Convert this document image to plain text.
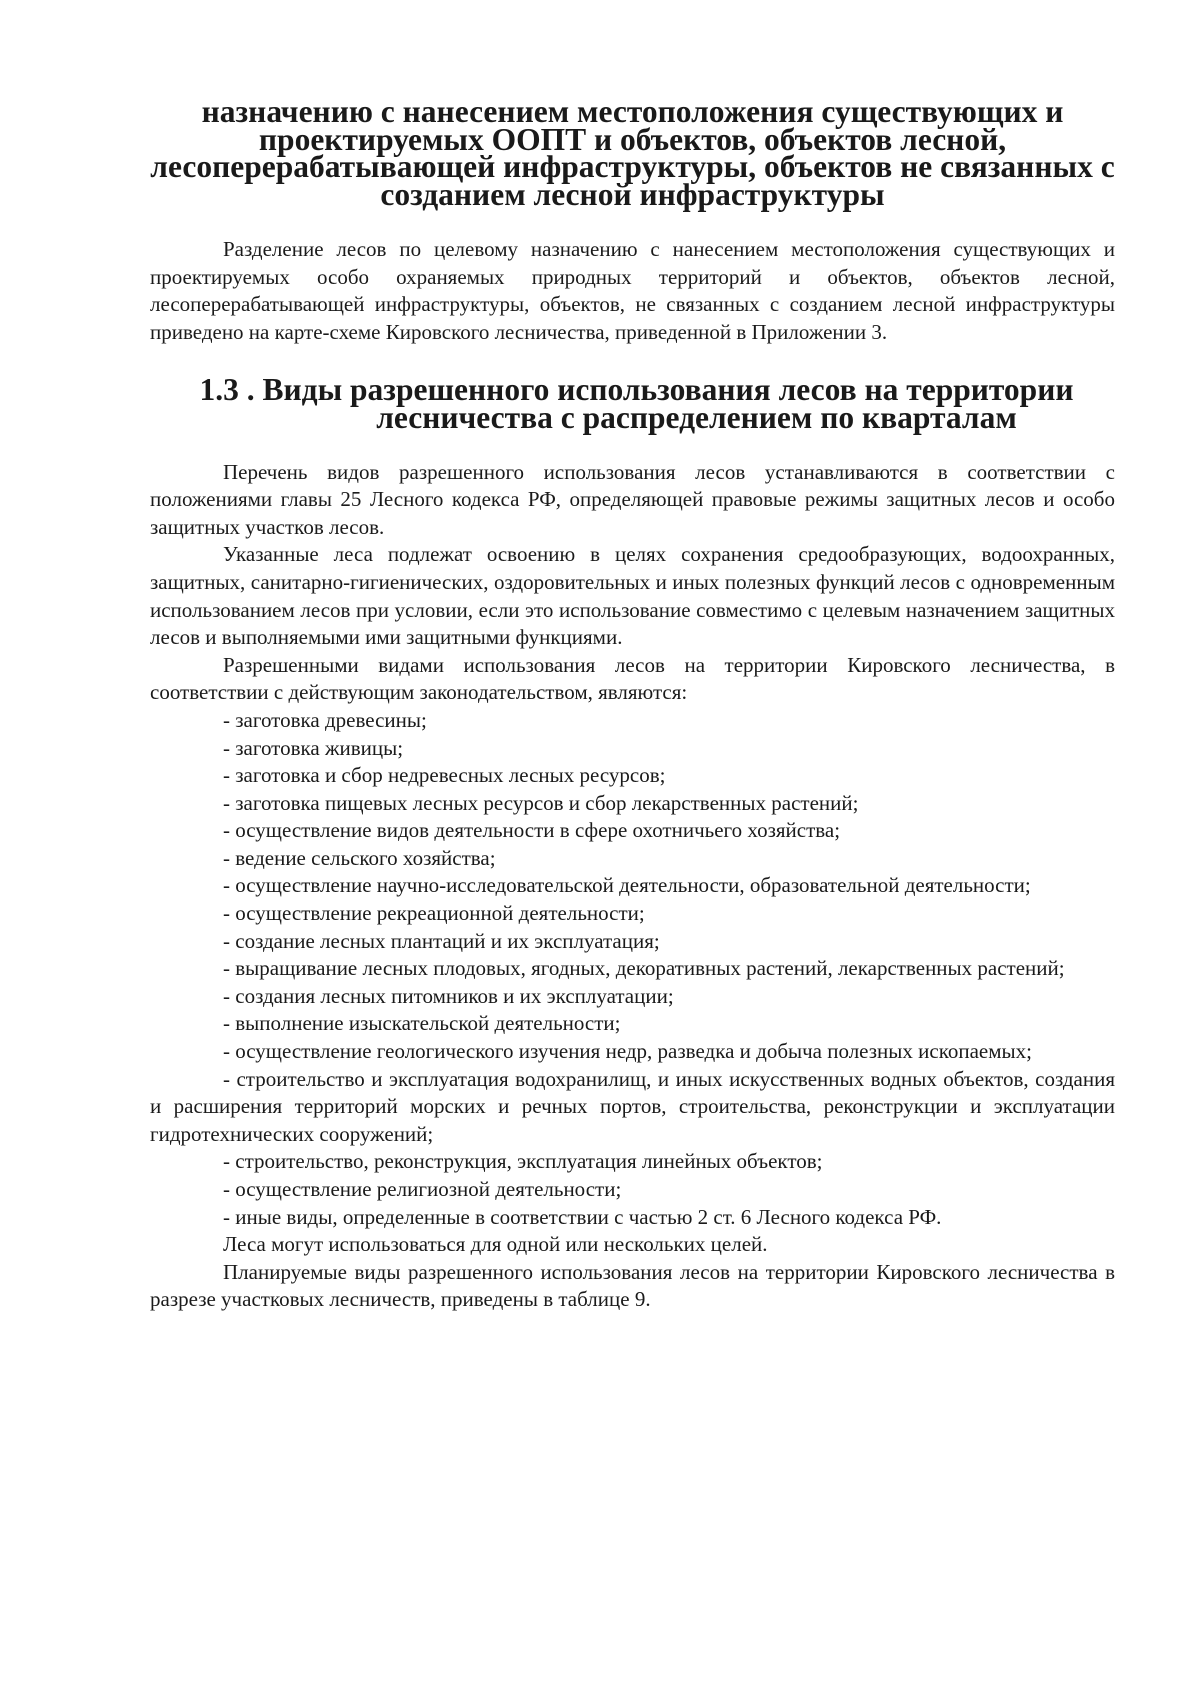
назначению с нанесением местоположения существующих и проектируемых ООПТ и объектов, объектов лесной, лесоперерабатывающей инфраструктуры, объектов не связанных с созданием лесной инфраструктуры

Разделение лесов по целевому назначению с нанесением местоположения существующих и проектируемых особо охраняемых природных территорий и объектов, объектов лесной, лесоперерабатывающей инфраструктуры, объектов, не связанных с созданием лесной инфраструктуры приведено на карте-схеме Кировского лесничества, приведенной в Приложении 3.

1.3 . Виды разрешенного использования лесов на территории
лесничества с распределением по кварталам

Перечень видов разрешенного использования лесов устанавливаются в соответствии с положениями главы 25 Лесного кодекса РФ, определяющей правовые режимы защитных лесов и особо защитных участков лесов.

Указанные леса подлежат освоению в целях сохранения средообразующих, водоохранных, защитных, санитарно-гигиенических, оздоровительных и иных полезных функций лесов с одновременным использованием лесов при условии, если это использование совместимо с целевым назначением защитных лесов и выполняемыми ими защитными функциями.

Разрешенными видами использования лесов на территории Кировского лесничества, в соответствии с действующим законодательством, являются:

- заготовка древесины;
- заготовка живицы;
- заготовка и сбор недревесных лесных ресурсов;
- заготовка пищевых лесных ресурсов и сбор лекарственных растений;
- осуществление видов деятельности в сфере охотничьего хозяйства;
- ведение сельского хозяйства;
- осуществление научно-исследовательской деятельности, образовательной деятельности;
- осуществление рекреационной деятельности;
- создание лесных плантаций и их эксплуатация;
- выращивание лесных плодовых, ягодных, декоративных растений, лекарственных растений;
- создания лесных питомников и их эксплуатации;
- выполнение изыскательской деятельности;
- осуществление геологического изучения недр, разведка и добыча полезных ископаемых;
- строительство и эксплуатация водохранилищ, и иных искусственных водных объектов, создания и расширения территорий морских и речных портов, строительства, реконструкции и эксплуатации гидротехнических сооружений;
- строительство, реконструкция, эксплуатация линейных объектов;
- осуществление религиозной деятельности;
- иные виды, определенные в соответствии с частью 2 ст. 6 Лесного кодекса РФ.

Леса могут использоваться для одной или нескольких целей.

Планируемые виды разрешенного использования лесов на территории Кировского лесничества в разрезе участковых лесничеств, приведены в таблице 9.
